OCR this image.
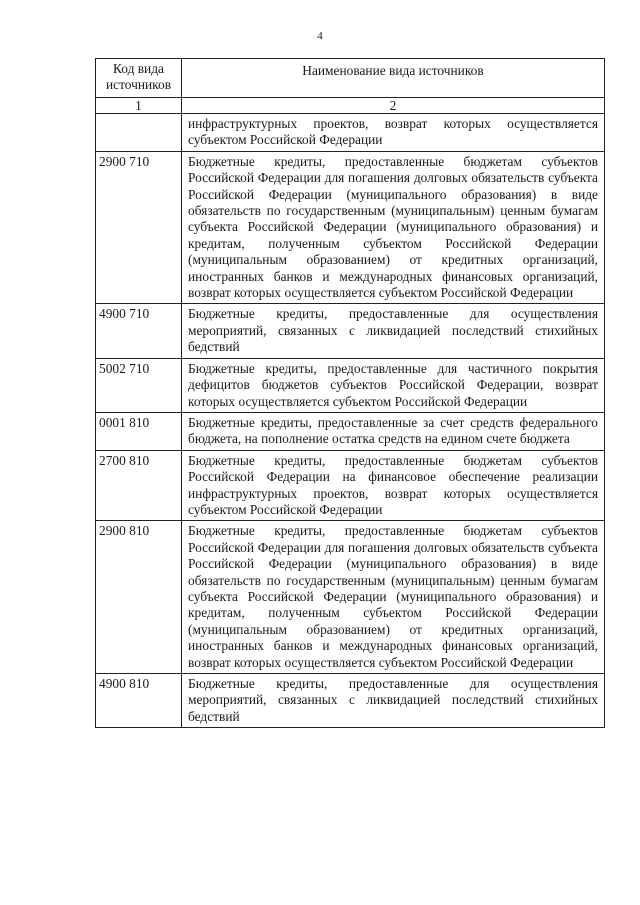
4
Код вида источников	Наименование вида источников
1	2
	инфраструктурных проектов, возврат которых осуществляется субъектом Российской Федерации
2900 710	Бюджетные кредиты, предоставленные бюджетам субъектов Российской Федерации для погашения долговых обязательств субъекта Российской Федерации (муниципального образования) в виде обязательств по государственным (муниципальным) ценным бумагам субъекта Российской Федерации (муниципального образования) и кредитам, полученным субъектом Российской Федерации (муниципальным образованием) от кредитных организаций, иностранных банков и международных финансовых организаций, возврат которых осуществляется субъектом Российской Федерации
4900 710	Бюджетные кредиты, предоставленные для осуществления мероприятий, связанных с ликвидацией последствий стихийных бедствий
5002 710	Бюджетные кредиты, предоставленные для частичного покрытия дефицитов бюджетов субъектов Российской Федерации, возврат которых осуществляется субъектом Российской Федерации
0001 810	Бюджетные кредиты, предоставленные за счет средств федерального бюджета, на пополнение остатка средств на едином счете бюджета
2700 810	Бюджетные кредиты, предоставленные бюджетам субъектов Российской Федерации на финансовое обеспечение реализации инфраструктурных проектов, возврат которых осуществляется субъектом Российской Федерации
2900 810	Бюджетные кредиты, предоставленные бюджетам субъектов Российской Федерации для погашения долговых обязательств субъекта Российской Федерации (муниципального образования) в виде обязательств по государственным (муниципальным) ценным бумагам субъекта Российской Федерации (муниципального образования) и кредитам, полученным субъектом Российской Федерации (муниципальным образованием) от кредитных организаций, иностранных банков и международных финансовых организаций, возврат которых осуществляется субъектом Российской Федерации
4900 810	Бюджетные кредиты, предоставленные для осуществления мероприятий, связанных с ликвидацией последствий стихийных бедствий
